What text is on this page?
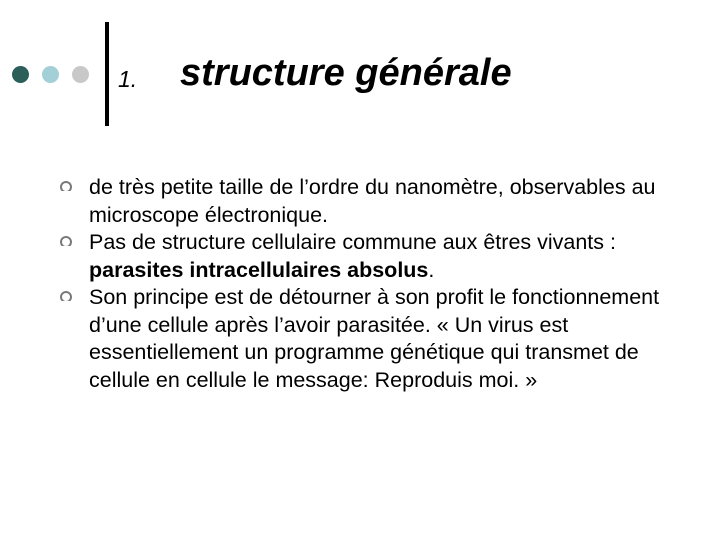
1. structure générale
de très petite taille de l’ordre du nanomètre, observables au microscope électronique.
Pas de structure cellulaire commune aux êtres vivants : parasites intracellulaires absolus.
Son principe est de détourner à son profit le fonctionnement d’une cellule après l’avoir parasitée. « Un virus est essentiellement un programme génétique qui transmet de cellule en cellule le message: Reproduis moi. »
